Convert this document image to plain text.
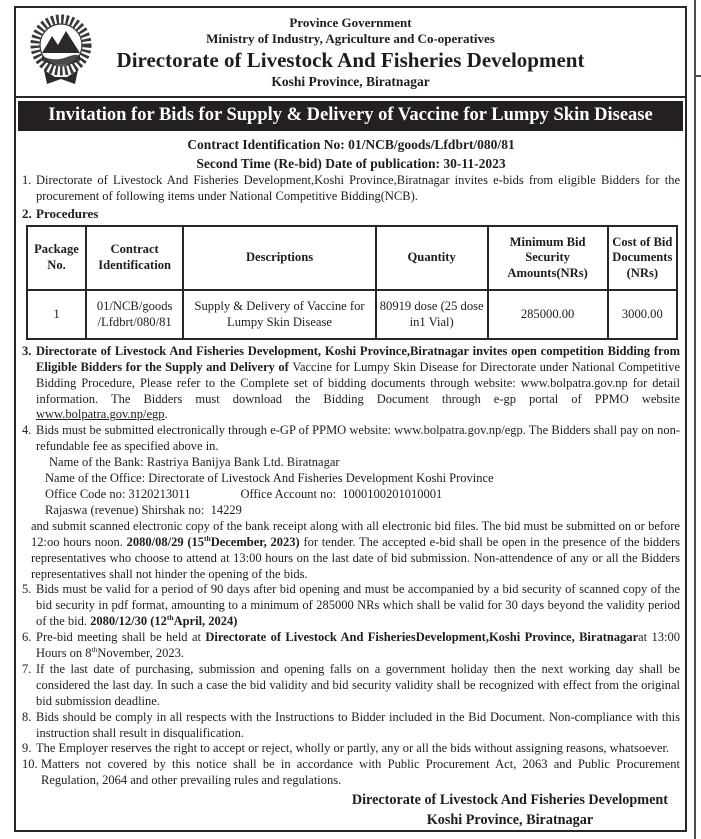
Province Government
Ministry of Industry, Agriculture and Co-operatives
Directorate of Livestock And Fisheries Development
Koshi Province, Biratnagar
Invitation for Bids for Supply & Delivery of Vaccine for Lumpy Skin Disease
Contract Identification No: 01/NCB/goods/Lfdbrt/080/81
Second Time (Re-bid) Date of publication: 30-11-2023
1. Directorate of Livestock And Fisheries Development,Koshi Province,Biratnagar invites e-bids from eligible Bidders for the procurement of following items under National Competitive Bidding(NCB).
2. Procedures
Package No.	Contract Identification	Descriptions	Quantity	Minimum Bid Security Amounts(NRs)	Cost of Bid Documents (NRs)
1	01/NCB/goods /Lfdbrt/080/81	Supply & Delivery of Vaccine for Lumpy Skin Disease	80919 dose (25 dose in1 Vial)	285000.00	3000.00
3. Directorate of Livestock And Fisheries Development, Koshi Province,Biratnagar invites open competition Bidding from Eligible Bidders for the Supply and Delivery of Vaccine for Lumpy Skin Disease for Directorate under National Competitive Bidding Procedure, Please refer to the Complete set of bidding documents through website: www.bolpatra.gov.np for detail information. The Bidders must download the Bidding Document through e-gp portal of PPMO website www.bolpatra.gov.np/egp.
4. Bids must be submitted electronically through e-GP of PPMO website: www.bolpatra.gov.np/egp. The Bidders shall pay on non-refundable fee as specified above in.
Name of the Bank: Rastriya Banijya Bank Ltd. Biratnagar
Name of the Office: Directorate of Livestock And Fisheries Development Koshi Province
Office Code no: 3120213011                Office Account no:  1000100201010001
Rajaswa (revenue) Shirshak no:  14229
and submit scanned electronic copy of the bank receipt along with all electronic bid files. The bid must be submitted on or before 12:oo hours noon. 2080/08/29 (15thDecember, 2023) for tender. The accepted e-bid shall be open in the presence of the bidders representatives who choose to attend at 13:00 hours on the last date of bid submission. Non-attendence of any or all the Bidders representatives shall not hinder the opening of the bids.
5. Bids must be valid for a period of 90 days after bid opening and must be accompanied by a bid security of scanned copy of the bid security in pdf format, amounting to a minimum of 285000 NRs which shall be valid for 30 days beyond the validity period of the bid. 2080/12/30 (12thApril, 2024)
6. Pre-bid meeting shall be held at Directorate of Livestock And FisheriesDevelopment,Koshi Province, Biratnagarat 13:00 Hours on 8thNovember, 2023.
7. If the last date of purchasing, submission and opening falls on a government holiday then the next working day shall be considered the last day. In such a case the bid validity and bid security validity shall be recognized with effect from the original bid submission deadline.
8. Bids should be comply in all respects with the Instructions to Bidder included in the Bid Document. Non-compliance with this instruction shall result in disqualification.
9. The Employer reserves the right to accept or reject, wholly or partly, any or all the bids without assigning reasons, whatsoever.
10. Matters not covered by this notice shall be in accordance with Public Procurement Act, 2063 and Public Procurement Regulation, 2064 and other prevailing rules and regulations.
Directorate of Livestock And Fisheries Development
Koshi Province, Biratnagar
